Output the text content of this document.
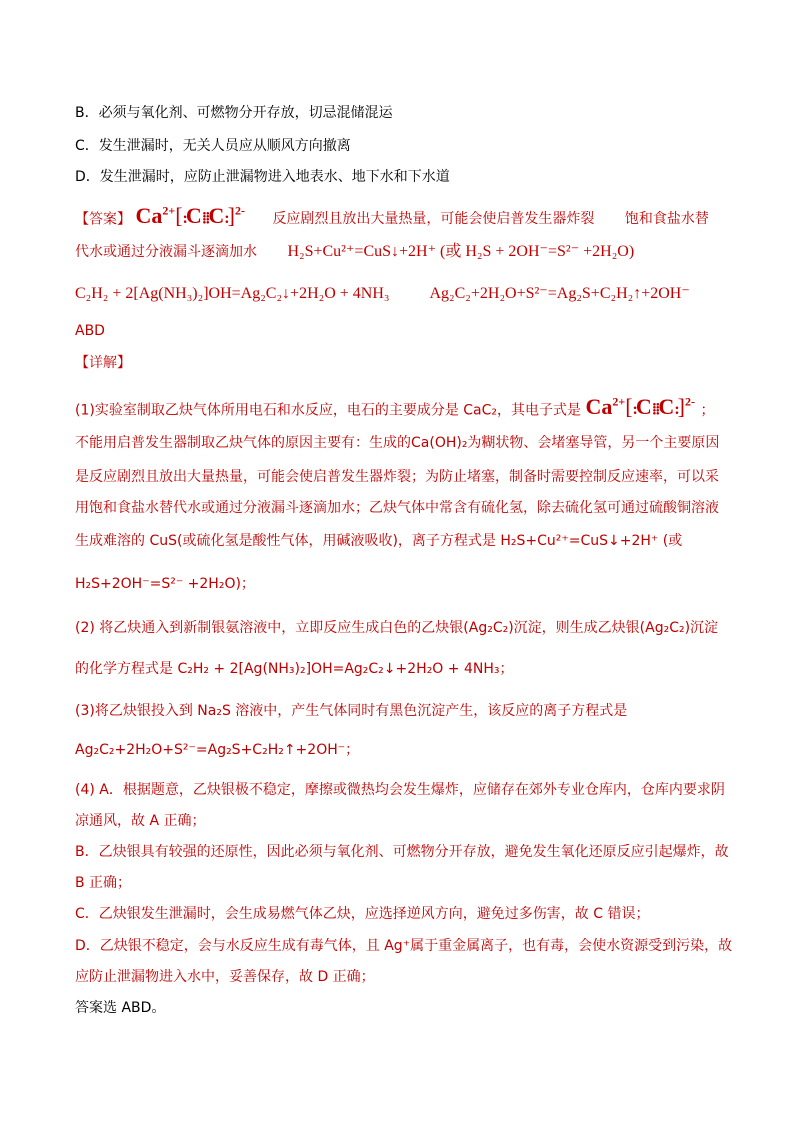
B．必须与氧化剂、可燃物分开存放，切忌混储混运
C．发生泄漏时，无关人员应从顺风方向撤离
D．发生泄漏时，应防止泄漏物进入地表水、地下水和下水道
【答案】 $Ca^{2+}[:C⁞⁞C:]^{2-}$ 反应剧烈且放出大量热量，可能会使启普发生器炸裂 饱和食盐水替
代水或通过分液漏斗逐滴加水 H₂S+Cu²⁺=CuS↓+2H⁺ (或 H₂S + 2OH⁻=S²⁻ +2H₂O)
C₂H₂ + 2[Ag(NH₃)₂]OH=Ag₂C₂↓+2H₂O + 4NH₃	Ag₂C₂+2H₂O+S²⁻=Ag₂S+C₂H₂↑+2OH⁻
ABD
【详解】
(1)实验室制取乙炔气体所用电石和水反应，电石的主要成分是 CaC₂，其电子式是 $Ca^{2+}[:C⁞⁞C:]^{2-}$ ；
不能用启普发生器制取乙炔气体的原因主要有：生成的Ca(OH)₂为糊状物、会堵塞导管，另一个主要原因
是反应剧烈且放出大量热量，可能会使启普发生器炸裂；为防止堵塞，制备时需要控制反应速率，可以采
用饱和食盐水替代水或通过分液漏斗逐滴加水；乙炔气体中常含有硫化氢，除去硫化氢可通过硫酸铜溶液
生成难溶的 CuS(或硫化氢是酸性气体，用碱液吸收)，离子方程式是 H₂S+Cu²⁺=CuS↓+2H⁺ (或
H₂S+2OH⁻=S²⁻ +2H₂O)；
(2) 将乙炔通入到新制银氨溶液中，立即反应生成白色的乙炔银(Ag₂C₂)沉淀，则生成乙炔银(Ag₂C₂)沉淀
的化学方程式是 C₂H₂ + 2[Ag(NH₃)₂]OH=Ag₂C₂↓+2H₂O + 4NH₃；
(3)将乙炔银投入到 Na₂S 溶液中，产生气体同时有黑色沉淀产生，该反应的离子方程式是
Ag₂C₂+2H₂O+S²⁻=Ag₂S+C₂H₂↑+2OH⁻；
(4) A．根据题意，乙炔银极不稳定，摩擦或微热均会发生爆炸，应储存在郊外专业仓库内，仓库内要求阴
凉通风，故 A 正确；
B．乙炔银具有较强的还原性，因此必须与氧化剂、可燃物分开存放，避免发生氧化还原反应引起爆炸，故
B 正确；
C．乙炔银发生泄漏时，会生成易燃气体乙炔，应选择逆风方向，避免过多伤害，故 C 错误；
D．乙炔银不稳定，会与水反应生成有毒气体，且 Ag⁺属于重金属离子，也有毒，会使水资源受到污染，故
应防止泄漏物进入水中，妥善保存，故 D 正确；
答案选 ABD。
